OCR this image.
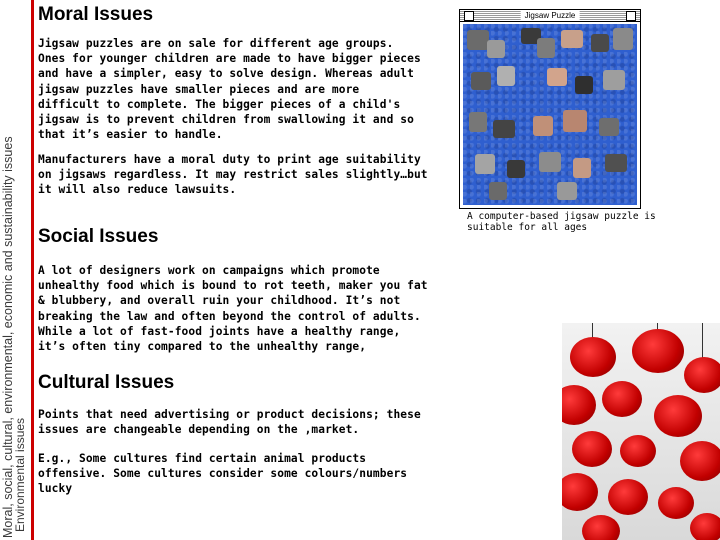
Moral, social, cultural, environmental, economic and sustainability issues
Environmental issues
Moral Issues

Jigsaw puzzles are on sale for different age groups. Ones for younger children are made to have bigger pieces and have a simpler, easy to solve design. Whereas adult jigsaw puzzles have smaller pieces and are more difficult to complete. The bigger pieces of a child's jigsaw is to prevent children from swallowing it and so that it’s easier to handle.

Manufacturers have a moral duty to print age suitability on jigsaws regardless. It may restrict sales slightly…but it will also reduce lawsuits.

Social Issues

A lot of designers work on campaigns which promote unhealthy food which is bound to rot teeth, maker you fat & blubbery, and overall ruin your childhood. It’s not breaking the law and often beyond the control of adults. While a lot of fast-food joints have a healthy range, it’s often tiny compared to the unhealthy range,

Cultural Issues

Points that need advertising or product decisions; these issues are changeable depending on the ,market.

E.g., Some cultures find certain animal products offensive. Some cultures consider some colours/numbers lucky

Jigsaw Puzzle

A computer-based jigsaw puzzle is suitable for all ages
